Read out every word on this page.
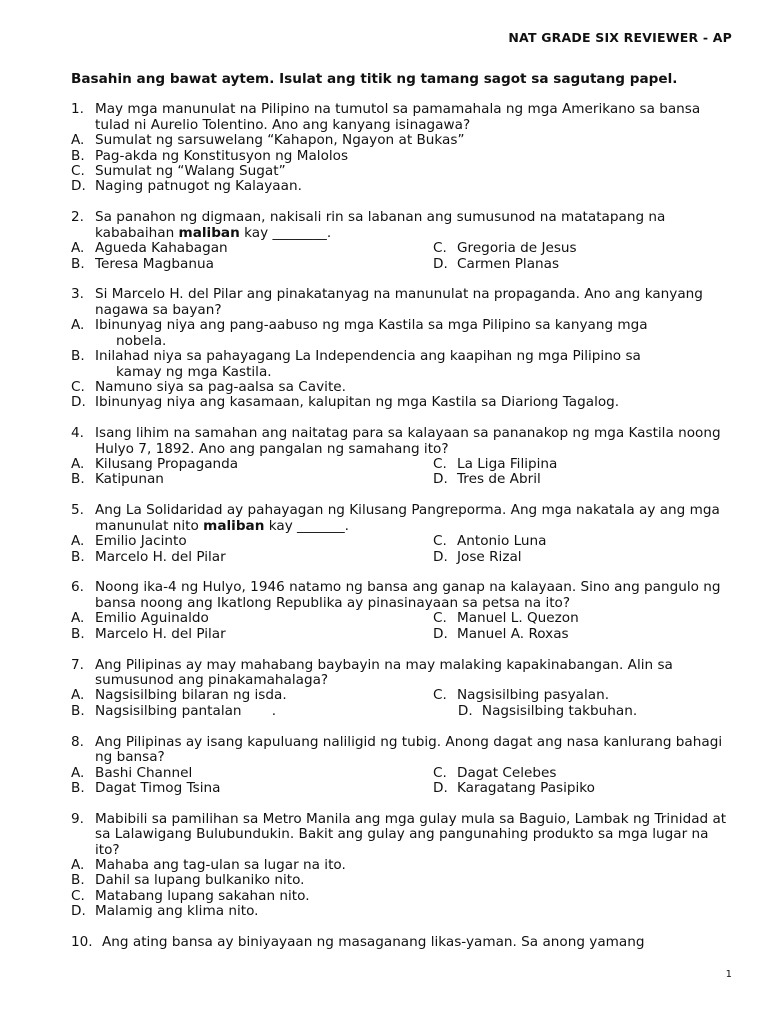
NAT GRADE SIX REVIEWER - AP
Basahin ang bawat aytem. Isulat ang titik ng tamang sagot sa sagutang papel.
1. May mga manunulat na Pilipino na tumutol sa pamamahala ng mga Amerikano sa bansa tulad ni Aurelio Tolentino. Ano ang kanyang isinagawa?
A. Sumulat ng sarsuwelang “Kahapon, Ngayon at Bukas”
B. Pag-akda ng Konstitusyon ng Malolos
C. Sumulat ng “Walang Sugat”
D. Naging patnugot ng Kalayaan.
2. Sa panahon ng digmaan, nakisali rin sa labanan ang sumusunod na matatapang na kababaihan maliban kay ________.
A. Agueda Kahabagan	C. Gregoria de Jesus
B. Teresa Magbanua	D. Carmen Planas
3. Si Marcelo H. del Pilar ang pinakatanyag na manunulat na propaganda. Ano ang kanyang nagawa sa bayan?
A. Ibinunyag niya ang pang-aabuso ng mga Kastila sa mga Pilipino sa kanyang mga
nobela.
B. Inilahad niya sa pahayagang La Independencia ang kaapihan ng mga Pilipino sa
kamay ng mga Kastila.
C. Namuno siya sa pag-aalsa sa Cavite.
D. Ibinunyag niya ang kasamaan, kalupitan ng mga Kastila sa Diariong Tagalog.
4. Isang lihim na samahan ang naitatag para sa kalayaan sa pananakop ng mga Kastila noong Hulyo 7, 1892. Ano ang pangalan ng samahang ito?
A. Kilusang Propaganda	C. La Liga Filipina
B. Katipunan	D. Tres de Abril
5. Ang La Solidaridad ay pahayagan ng Kilusang Pangreporma. Ang mga nakatala ay ang mga manunulat nito maliban kay _______.
A. Emilio Jacinto	C. Antonio Luna
B. Marcelo H. del Pilar	D. Jose Rizal
6. Noong ika-4 ng Hulyo, 1946 natamo ng bansa ang ganap na kalayaan. Sino ang pangulo ng bansa noong ang Ikatlong Republika ay pinasinayaan sa petsa na ito?
A. Emilio Aguinaldo	C. Manuel L. Quezon
B. Marcelo H. del Pilar	D. Manuel A. Roxas
7. Ang Pilipinas ay may mahabang baybayin na may malaking kapakinabangan. Alin sa sumusunod ang pinakamahalaga?
A. Nagsisilbing bilaran ng isda.	C. Nagsisilbing pasyalan.
B. Nagsisilbing pantalan       .	D. Nagsisilbing takbuhan.
8. Ang Pilipinas ay isang kapuluang naliligid ng tubig. Anong dagat ang nasa kanlurang bahagi ng bansa?
A. Bashi Channel	C. Dagat Celebes
B. Dagat Timog Tsina	D. Karagatang Pasipiko
9. Mabibili sa pamilihan sa Metro Manila ang mga gulay mula sa Baguio, Lambak ng Trinidad at sa Lalawigang Bulubundukin. Bakit ang gulay ang pangunahing produkto sa mga lugar na ito?
A. Mahaba ang tag-ulan sa lugar na ito.
B. Dahil sa lupang bulkaniko nito.
C. Matabang lupang sakahan nito.
D. Malamig ang klima nito.
10. Ang ating bansa ay biniyayaan ng masaganang likas-yaman. Sa anong yamang
1
